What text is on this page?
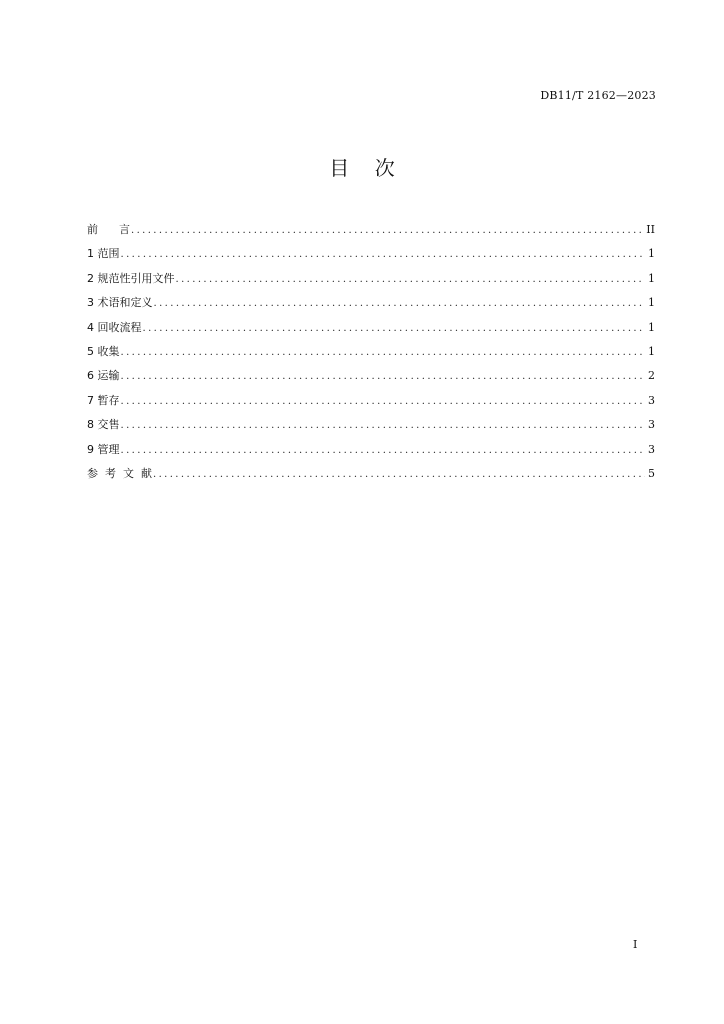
DB11/T 2162—2023
目    次
前      言 .....	II
1 范围 .....	1
2 规范性引用文件 .....	1
3 术语和定义 .....	1
4 回收流程 .....	1
5 收集 .....	1
6 运输 .....	2
7 暂存 .....	3
8 交售 .....	3
9 管理 .....	3
参  考  文  献 .....	5
I
